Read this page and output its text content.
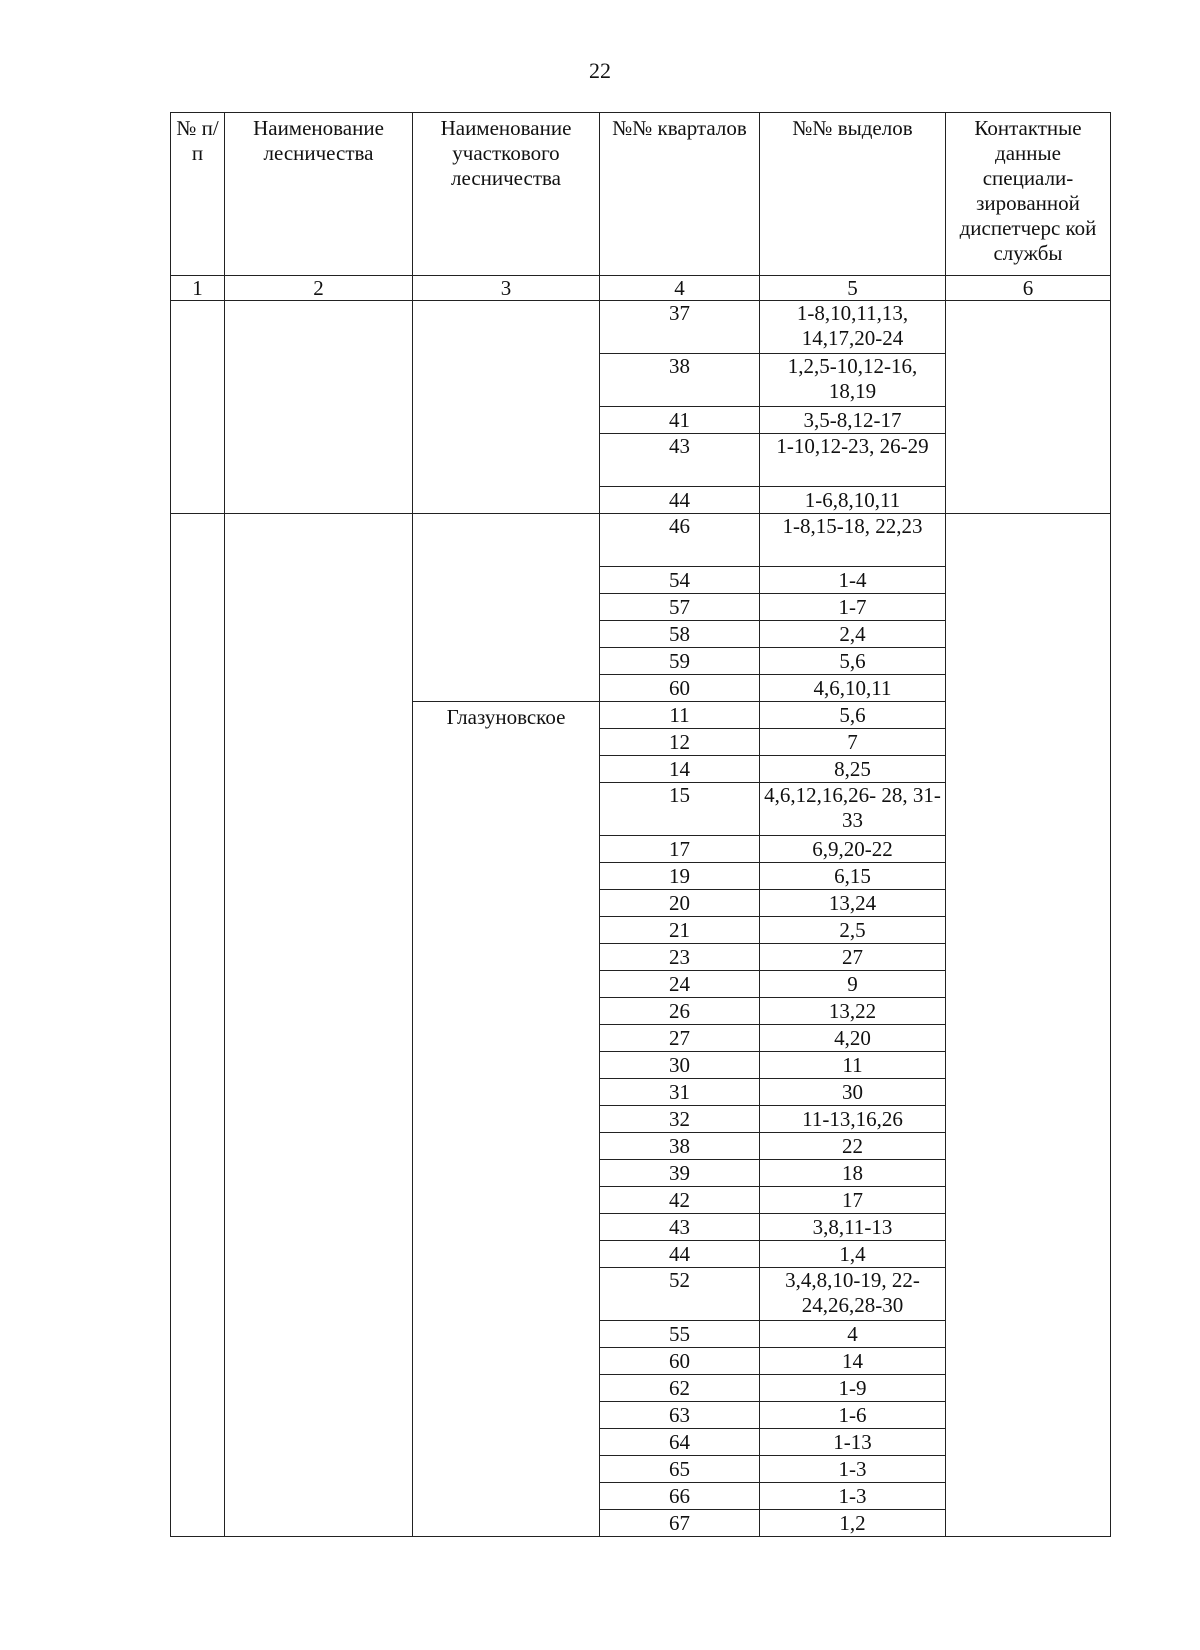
22
№ п/п	Наименование лесничества	Наименование участкового лесничества	№№ кварталов	№№ выделов	Контактные данные специали-зированной диспетчерс кой службы
1	2	3	4	5	6
			37	1-8,10,11,13, 14,17,20-24	
			38	1,2,5-10,12-16, 18,19	
			41	3,5-8,12-17	
			43	1-10,12-23, 26-29	
			44	1-6,8,10,11	
			46	1-8,15-18, 22,23	
			54	1-4	
			57	1-7	
			58	2,4	
			59	5,6	
			60	4,6,10,11	
		Глазуновское	11	5,6	
			12	7	
			14	8,25	
			15	4,6,12,16,26- 28, 31-33	
			17	6,9,20-22	
			19	6,15	
			20	13,24	
			21	2,5	
			23	27	
			24	9	
			26	13,22	
			27	4,20	
			30	11	
			31	30	
			32	11-13,16,26	
			38	22	
			39	18	
			42	17	
			43	3,8,11-13	
			44	1,4	
			52	3,4,8,10-19, 22-24,26,28-30	
			55	4	
			60	14	
			62	1-9	
			63	1-6	
			64	1-13	
			65	1-3	
			66	1-3	
			67	1,2	
